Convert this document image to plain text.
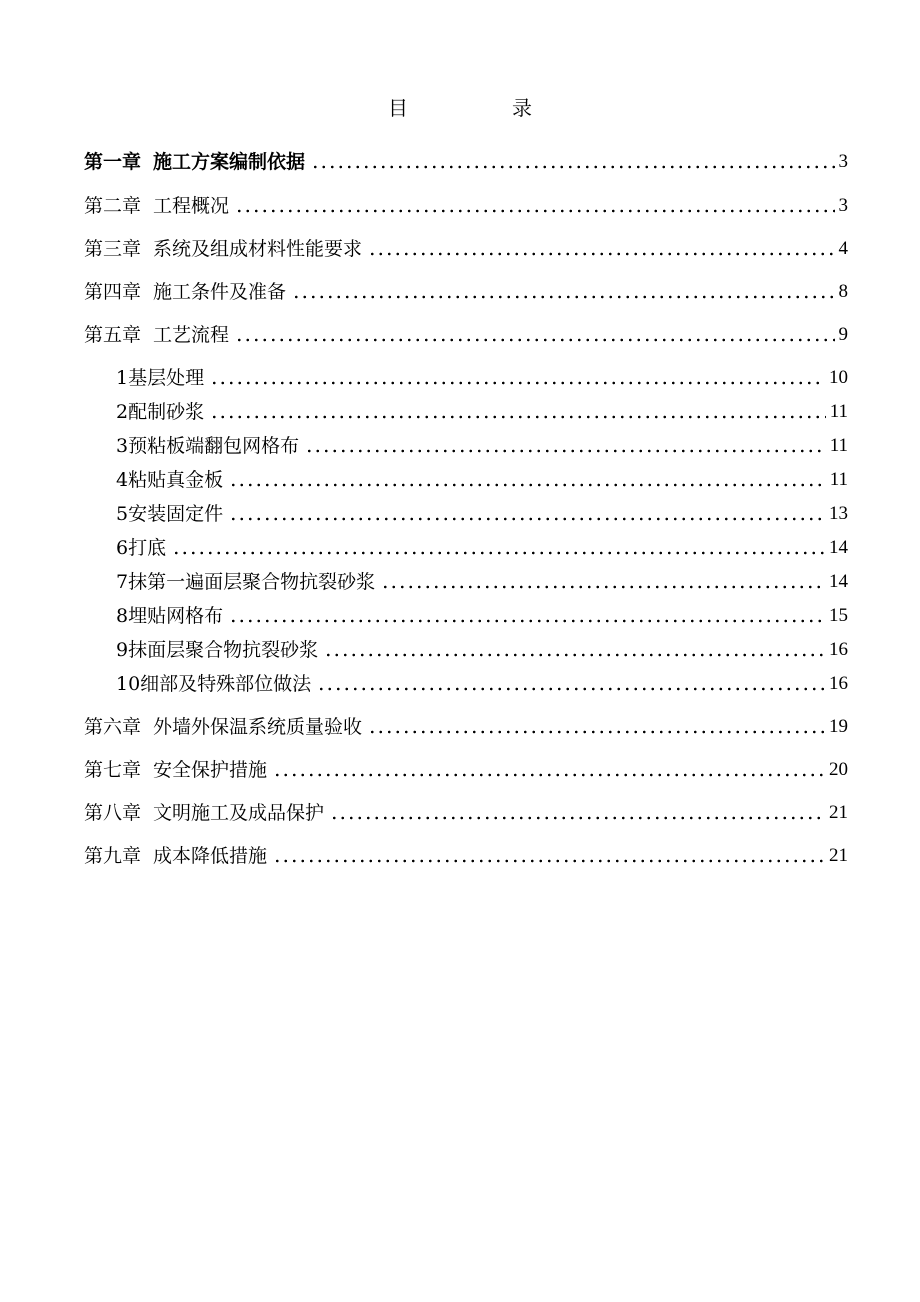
目　录
第一章 施工方案编制依据	3
第二章 工程概况	3
第三章 系统及组成材料性能要求	4
第四章 施工条件及准备	8
第五章 工艺流程	9
1基层处理	10
2配制砂浆	11
3预粘板端翻包网格布	11
4粘贴真金板	11
5安装固定件	13
6打底	14
7抹第一遍面层聚合物抗裂砂浆	14
8埋贴网格布	15
9抹面层聚合物抗裂砂浆	16
10细部及特殊部位做法	16
第六章 外墙外保温系统质量验收	19
第七章 安全保护措施	20
第八章 文明施工及成品保护	21
第九章 成本降低措施	21
